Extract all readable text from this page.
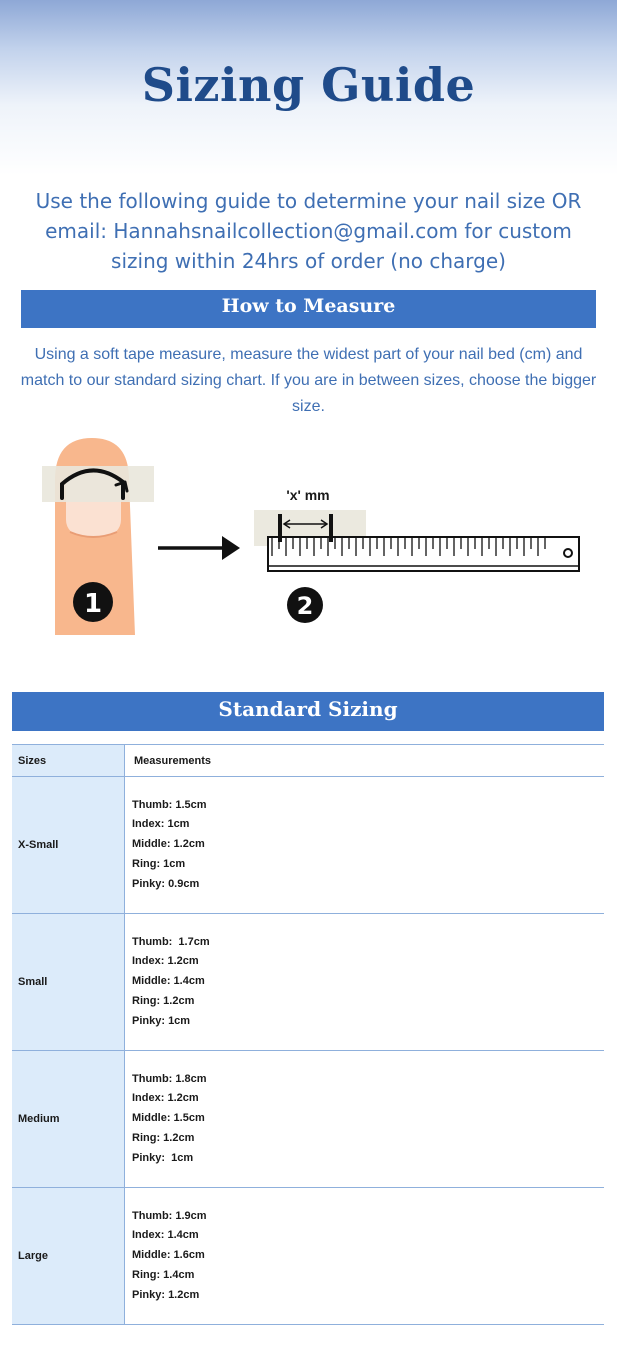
Sizing Guide
Use the following guide to determine your nail size OR email: Hannahsnailcollection@gmail.com for custom sizing within 24hrs of order (no charge)
How to Measure
Using a soft tape measure, measure the widest part of your nail bed (cm) and match to our standard sizing chart. If you are in between sizes, choose the bigger size.
1
'x' mm
2
Standard Sizing
Sizes	Measurements
X-Small
Thumb: 1.5cm
Index: 1cm
Middle: 1.2cm
Ring: 1cm
Pinky: 0.9cm
Small
Thumb:  1.7cm
Index: 1.2cm
Middle: 1.4cm
Ring: 1.2cm
Pinky: 1cm
Medium
Thumb: 1.8cm
Index: 1.2cm
Middle: 1.5cm
Ring: 1.2cm
Pinky:  1cm
Large
Thumb: 1.9cm
Index: 1.4cm
Middle: 1.6cm
Ring: 1.4cm
Pinky: 1.2cm
